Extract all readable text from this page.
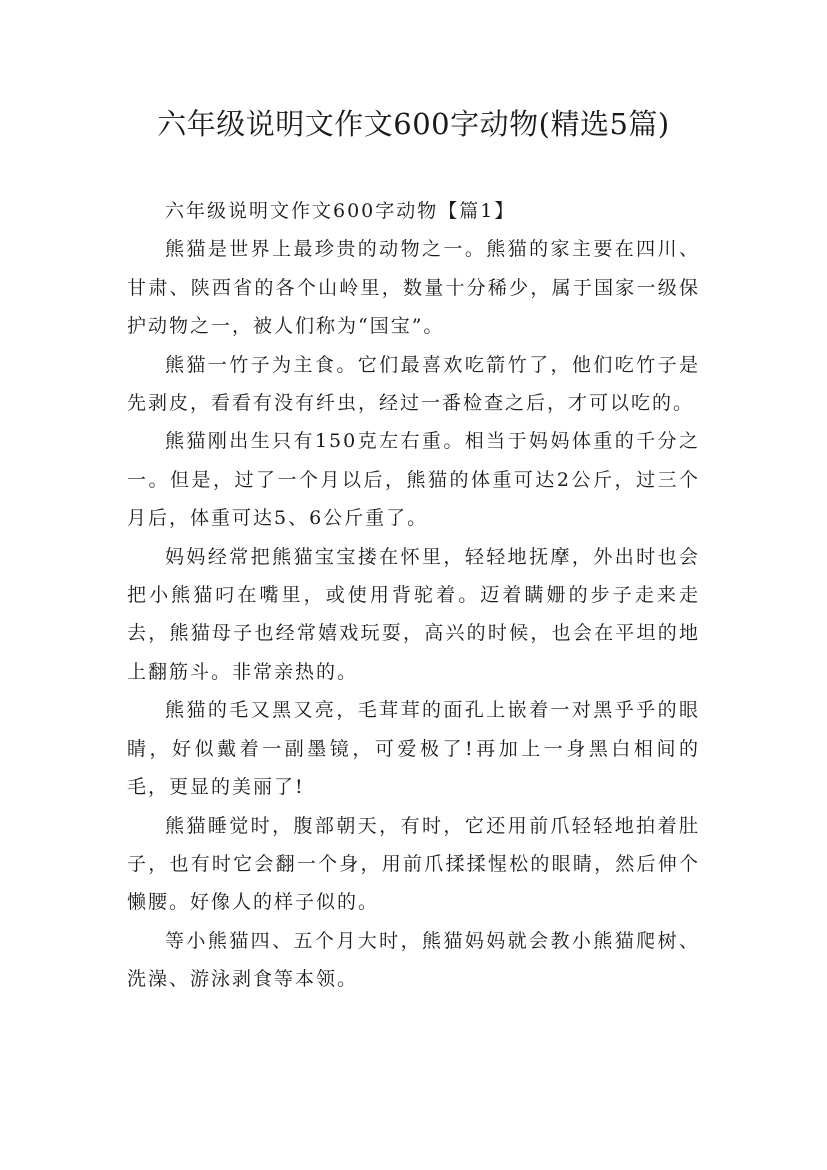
六年级说明文作文600字动物(精选5篇)

六年级说明文作文600字动物【篇1】

熊猫是世界上最珍贵的动物之一。熊猫的家主要在四川、甘肃、陕西省的各个山岭里，数量十分稀少，属于国家一级保护动物之一，被人们称为“国宝”。

熊猫一竹子为主食。它们最喜欢吃箭竹了，他们吃竹子是先剥皮，看看有没有纤虫，经过一番检查之后，才可以吃的。

熊猫刚出生只有150克左右重。相当于妈妈体重的千分之一。但是，过了一个月以后，熊猫的体重可达2公斤，过三个月后，体重可达5、6公斤重了。

妈妈经常把熊猫宝宝搂在怀里，轻轻地抚摩，外出时也会把小熊猫叼在嘴里，或使用背驼着。迈着瞒姗的步子走来走去，熊猫母子也经常嬉戏玩耍，高兴的时候，也会在平坦的地上翻筋斗。非常亲热的。

熊猫的毛又黑又亮，毛茸茸的面孔上嵌着一对黑乎乎的眼睛，好似戴着一副墨镜，可爱极了!再加上一身黑白相间的毛，更显的美丽了!

熊猫睡觉时，腹部朝天，有时，它还用前爪轻轻地拍着肚子，也有时它会翻一个身，用前爪揉揉惺松的眼睛，然后伸个懒腰。好像人的样子似的。

等小熊猫四、五个月大时，熊猫妈妈就会教小熊猫爬树、洗澡、游泳剥食等本领。
